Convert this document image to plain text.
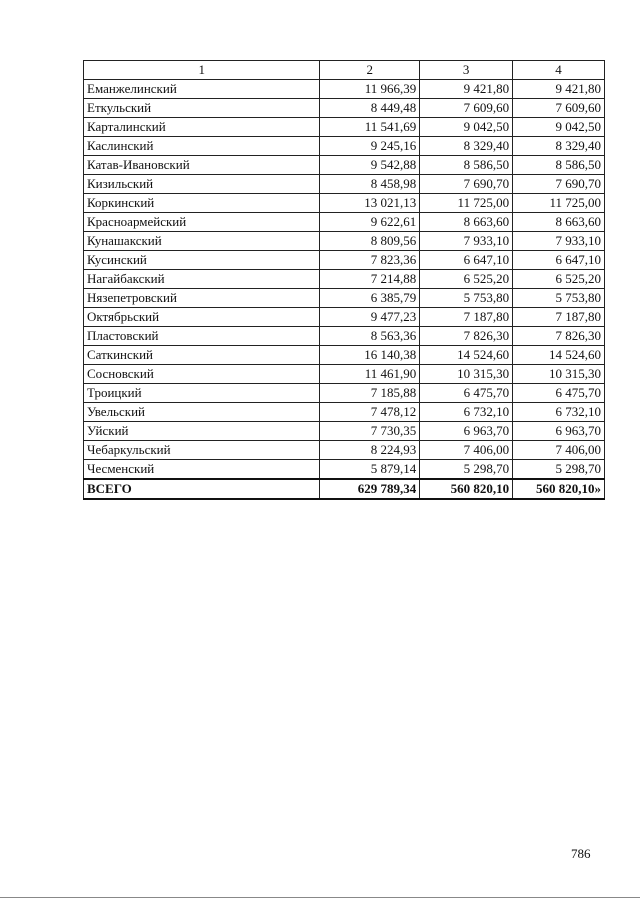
1	2	3	4
Еманжелинский	11 966,39	9 421,80	9 421,80
Еткульский	8 449,48	7 609,60	7 609,60
Карталинский	11 541,69	9 042,50	9 042,50
Каслинский	9 245,16	8 329,40	8 329,40
Катав-Ивановский	9 542,88	8 586,50	8 586,50
Кизильский	8 458,98	7 690,70	7 690,70
Коркинский	13 021,13	11 725,00	11 725,00
Красноармейский	9 622,61	8 663,60	8 663,60
Кунашакский	8 809,56	7 933,10	7 933,10
Кусинский	7 823,36	6 647,10	6 647,10
Нагайбакский	7 214,88	6 525,20	6 525,20
Нязепетровский	6 385,79	5 753,80	5 753,80
Октябрьский	9 477,23	7 187,80	7 187,80
Пластовский	8 563,36	7 826,30	7 826,30
Саткинский	16 140,38	14 524,60	14 524,60
Сосновский	11 461,90	10 315,30	10 315,30
Троицкий	7 185,88	6 475,70	6 475,70
Увельский	7 478,12	6 732,10	6 732,10
Уйский	7 730,35	6 963,70	6 963,70
Чебаркульский	8 224,93	7 406,00	7 406,00
Чесменский	5 879,14	5 298,70	5 298,70
ВСЕГО	629 789,34	560 820,10	560 820,10»
786
